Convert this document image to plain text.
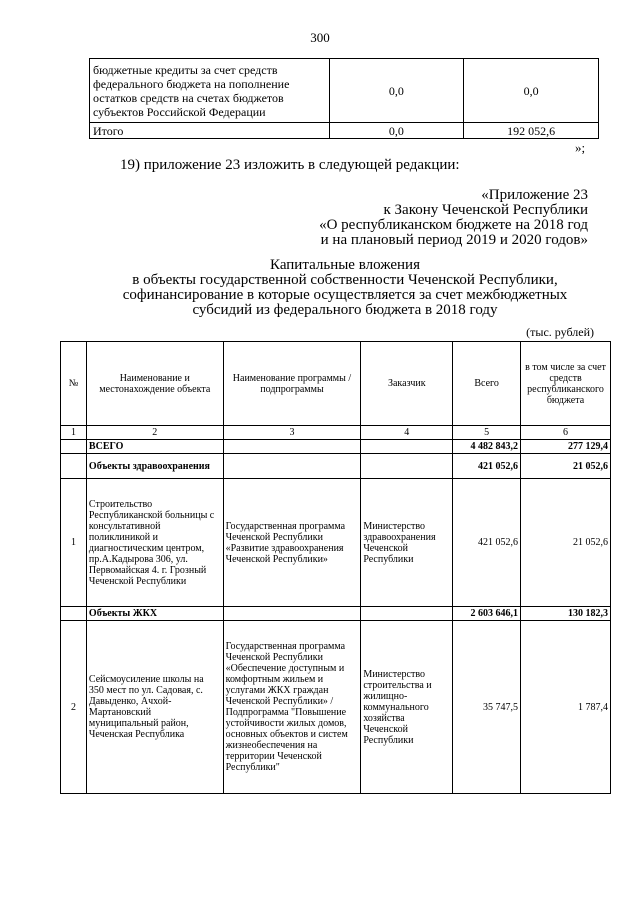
300
бюджетные кредиты за счет средств федерального бюджета на пополнение остатков средств на счетах бюджетов субъектов Российской Федерации	0,0	0,0
Итого	0,0	192 052,6
»;
19) приложение 23 изложить в следующей редакции:
«Приложение 23
к Закону Чеченской Республики
«О республиканском бюджете на 2018 год
и на плановый период 2019 и 2020 годов»
Капитальные вложения
в объекты государственной собственности Чеченской Республики,
софинансирование в которые осуществляется за счет межбюджетных
субсидий из федерального бюджета в 2018 году
(тыс. рублей)
№	Наименование и местонахождение объекта	Наименование программы / подпрограммы	Заказчик	Всего	в том числе за счет средств республиканского бюджета
1	2	3	4	5	6
	ВСЕГО			4 482 843,2	277 129,4
	Объекты здравоохранения			421 052,6	21 052,6
1	Строительство Республиканской больницы с консультативной поликлиникой и диагностическим центром, пр.А.Кадырова 306, ул. Первомайская 4. г. Грозный Чеченской Республики	Государственная программа Чеченской Республики «Развитие здравоохранения Чеченской Республики»	Министерство здравоохранения Чеченской Республики	421 052,6	21 052,6
	Объекты ЖКХ			2 603 646,1	130 182,3
2	Сейсмоусиление школы на 350 мест по ул. Садовая, с. Давыденко, Ачхой-Мартановский муниципальный район, Чеченская Республика	Государственная программа Чеченской Республики «Обеспечение доступным и комфортным жильем и услугами ЖКХ граждан Чеченской Республики» / Подпрограмма "Повышение устойчивости жилых домов, основных объектов и систем жизнеобеспечения на территории Чеченской Республики"	Министерство строительства и жилищно-коммунального хозяйства Чеченской Республики	35 747,5	1 787,4
